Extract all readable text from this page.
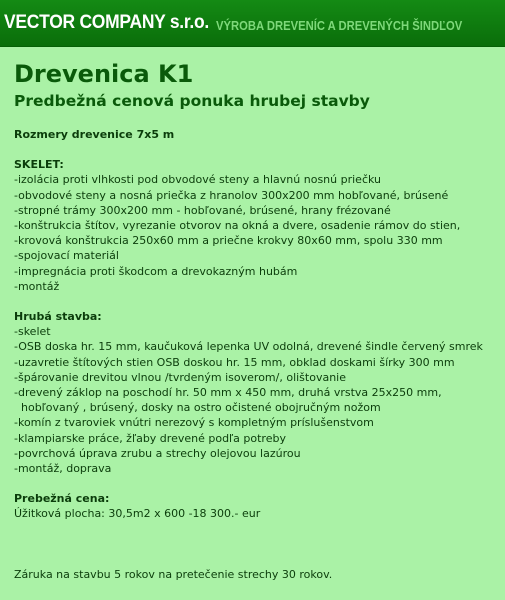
VECTOR COMPANY s.r.o. VÝROBA DREVENÍC A DREVENÝCH ŠINDĽOV
Drevenica K1
Predbežná cenová ponuka hrubej stavby

Rozmery drevenice 7x5 m

SKELET:

-izolácia proti vlhkosti pod obvodové steny a hlavnú nosnú priečku

-obvodové steny a nosná priečka z hranolov 300x200 mm hobľované, brúsené

-stropné trámy 300x200 mm - hobľované, brúsené, hrany frézované

-konštrukcia štítov, vyrezanie otvorov na okná a dvere, osadenie rámov do stien,

-krovová konštrukcia 250x60 mm a priečne krokvy 80x60 mm, spolu 330 mm

-spojovací materiál

-impregnácia proti škodcom a drevokazným hubám

-montáž

Hrubá stavba:

-skelet

-OSB doska hr. 15 mm, kaučuková lepenka UV odolná, drevené šindle červený smrek

-uzavretie štítových stien OSB doskou hr. 15 mm, obklad doskami šírky 300 mm

-špárovanie drevitou vlnou /tvrdeným isoverom/, olištovanie

-drevený záklop na poschodí hr. 50 mm x 450 mm, druhá vrstva 25x250 mm,

hobľovaný , brúsený, dosky na ostro očistené obojručným nožom

-komín z tvaroviek vnútri nerezový s kompletným príslušenstvom

-klampiarske práce, žľaby drevené podľa potreby

-povrchová úprava zrubu a strechy olejovou lazúrou

-montáž, doprava

Prebežná cena:

Úžitková plocha: 30,5m2 x 600 -18 300.- eur

Záruka na stavbu 5 rokov na pretečenie strechy 30 rokov.
